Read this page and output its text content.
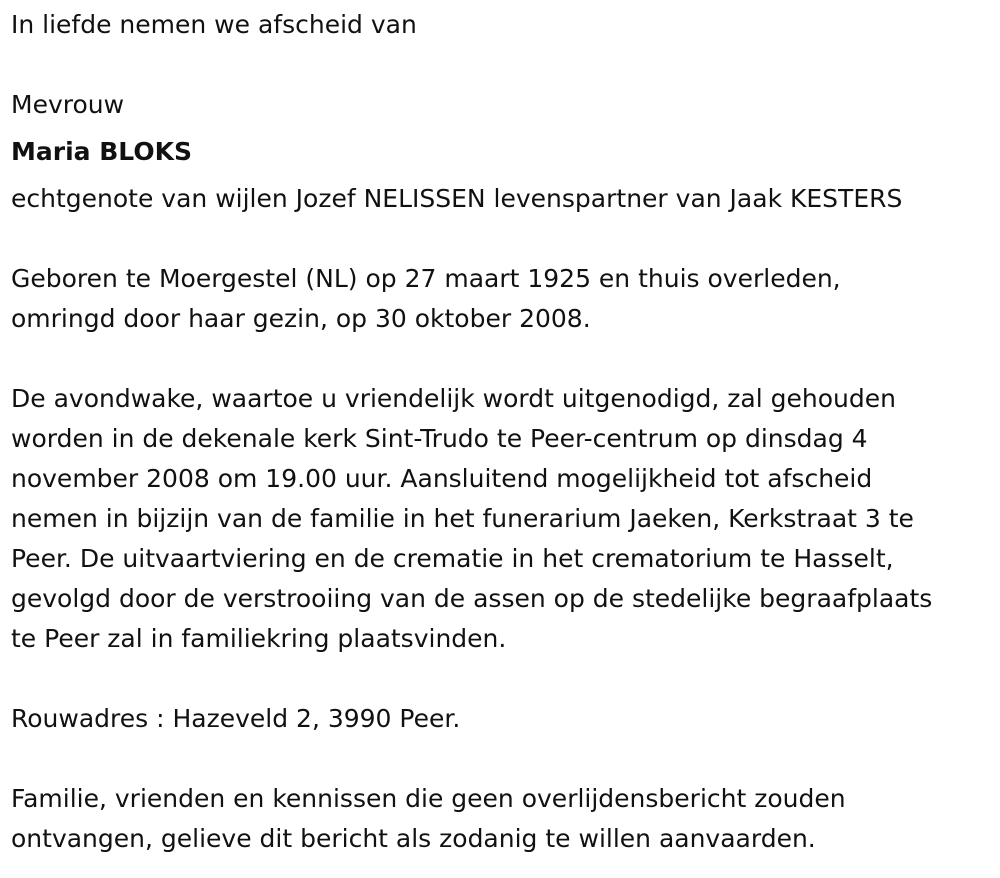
In liefde nemen we afscheid van

Mevrouw

Maria BLOKS

echtgenote van wijlen Jozef NELISSEN levenspartner van Jaak KESTERS

Geboren te Moergestel (NL) op 27 maart 1925 en thuis overleden,

omringd door haar gezin, op 30 oktober 2008.

De avondwake, waartoe u vriendelijk wordt uitgenodigd, zal gehouden

worden in de dekenale kerk Sint-Trudo te Peer-centrum op dinsdag 4

november 2008 om 19.00 uur. Aansluitend mogelijkheid tot afscheid

nemen in bijzijn van de familie in het funerarium Jaeken, Kerkstraat 3 te

Peer. De uitvaartviering en de crematie in het crematorium te Hasselt,

gevolgd door de verstrooiing van de assen op de stedelijke begraafplaats

te Peer zal in familiekring plaatsvinden.

Rouwadres : Hazeveld 2, 3990 Peer.

Familie, vrienden en kennissen die geen overlijdensbericht zouden

ontvangen, gelieve dit bericht als zodanig te willen aanvaarden.
